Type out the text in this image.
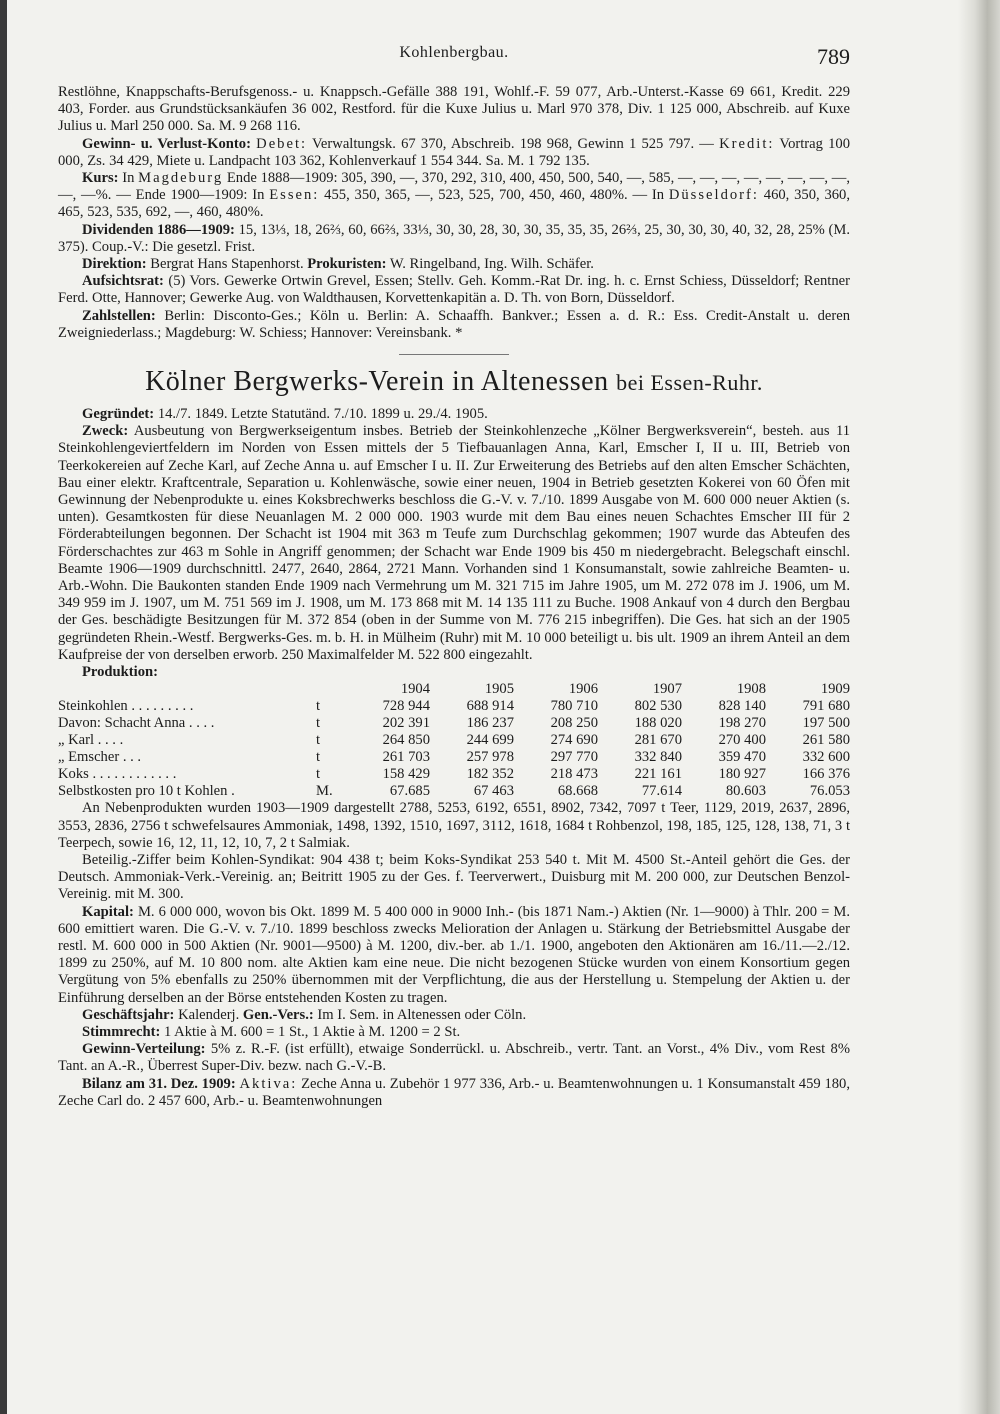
Kohlenbergbau.	789

Restlöhne, Knappschafts-Berufsgenoss.- u. Knappsch.-Gefälle 388 191, Wohlf.-F. 59 077, Arb.-Unterst.-Kasse 69 661, Kredit. 229 403, Forder. aus Grundstücksankäufen 36 002, Restford. für die Kuxe Julius u. Marl 970 378, Div. 1 125 000, Abschreib. auf Kuxe Julius u. Marl 250 000. Sa. M. 9 268 116.

Gewinn- u. Verlust-Konto: Debet: Verwaltungsk. 67 370, Abschreib. 198 968, Gewinn 1 525 797. — Kredit: Vortrag 100 000, Zs. 34 429, Miete u. Landpacht 103 362, Kohlenverkauf 1 554 344. Sa. M. 1 792 135.

Kurs: In Magdeburg Ende 1888—1909: 305, 390, —, 370, 292, 310, 400, 450, 500, 540, —, 585, —, —, —, —, —, —, —, —, —, —%. — Ende 1900—1909: In Essen: 455, 350, 365, —, 523, 525, 700, 450, 460, 480%. — In Düsseldorf: 460, 350, 360, 465, 523, 535, 692, —, 460, 480%.

Dividenden 1886—1909: 15, 13⅓, 18, 26⅔, 60, 66⅔, 33⅓, 30, 30, 28, 30, 30, 35, 35, 35, 26⅔, 25, 30, 30, 30, 40, 32, 28, 25% (M. 375). Coup.-V.: Die gesetzl. Frist.

Direktion: Bergrat Hans Stapenhorst. Prokuristen: W. Ringelband, Ing. Wilh. Schäfer.

Aufsichtsrat: (5) Vors. Gewerke Ortwin Grevel, Essen; Stellv. Geh. Komm.-Rat Dr. ing. h. c. Ernst Schiess, Düsseldorf; Rentner Ferd. Otte, Hannover; Gewerke Aug. von Waldthausen, Korvettenkapitän a. D. Th. von Born, Düsseldorf.

Zahlstellen: Berlin: Disconto-Ges.; Köln u. Berlin: A. Schaaffh. Bankver.; Essen a. d. R.: Ess. Credit-Anstalt u. deren Zweigniederlass.; Magdeburg: W. Schiess; Hannover: Vereinsbank. *

Kölner Bergwerks-Verein in Altenessen bei Essen-Ruhr.

Gegründet: 14./7. 1849. Letzte Statutänd. 7./10. 1899 u. 29./4. 1905.

Zweck: Ausbeutung von Bergwerkseigentum insbes. Betrieb der Steinkohlenzeche „Kölner Bergwerksverein“, besteh. aus 11 Steinkohlengeviertfeldern im Norden von Essen mittels der 5 Tiefbauanlagen Anna, Karl, Emscher I, II u. III, Betrieb von Teerkokereien auf Zeche Karl, auf Zeche Anna u. auf Emscher I u. II. Zur Erweiterung des Betriebs auf den alten Emscher Schächten, Bau einer elektr. Kraftcentrale, Separation u. Kohlenwäsche, sowie einer neuen, 1904 in Betrieb gesetzten Kokerei von 60 Öfen mit Gewinnung der Nebenprodukte u. eines Koksbrechwerks beschloss die G.-V. v. 7./10. 1899 Ausgabe von M. 600 000 neuer Aktien (s. unten). Gesamtkosten für diese Neuanlagen M. 2 000 000. 1903 wurde mit dem Bau eines neuen Schachtes Emscher III für 2 Förderabteilungen begonnen. Der Schacht ist 1904 mit 363 m Teufe zum Durchschlag gekommen; 1907 wurde das Abteufen des Förderschachtes zur 463 m Sohle in Angriff genommen; der Schacht war Ende 1909 bis 450 m niedergebracht. Belegschaft einschl. Beamte 1906—1909 durchschnittl. 2477, 2640, 2864, 2721 Mann. Vorhanden sind 1 Konsumanstalt, sowie zahlreiche Beamten- u. Arb.-Wohn. Die Baukonten standen Ende 1909 nach Vermehrung um M. 321 715 im Jahre 1905, um M. 272 078 im J. 1906, um M. 349 959 im J. 1907, um M. 751 569 im J. 1908, um M. 173 868 mit M. 14 135 111 zu Buche. 1908 Ankauf von 4 durch den Bergbau der Ges. beschädigte Besitzungen für M. 372 854 (oben in der Summe von M. 776 215 inbegriffen). Die Ges. hat sich an der 1905 gegründeten Rhein.-Westf. Bergwerks-Ges. m. b. H. in Mülheim (Ruhr) mit M. 10 000 beteiligt u. bis ult. 1909 an ihrem Anteil an dem Kaufpreise der von derselben erworb. 250 Maximalfelder M. 522 800 eingezahlt.

Produktion:

		1904	1905	1906	1907	1908	1909
Steinkohlen . . . . . . . . .	t	728 944	688 914	780 710	802 530	828 140	791 680
Davon: Schacht Anna . . . .	t	202 391	186 237	208 250	188 020	198 270	197 500
„ Karl . . . .	t	264 850	244 699	274 690	281 670	270 400	261 580
„ Emscher . . .	t	261 703	257 978	297 770	332 840	359 470	332 600
Koks . . . . . . . . . . . .	t	158 429	182 352	218 473	221 161	180 927	166 376
Selbstkosten pro 10 t Kohlen .	M.	67.685	67 463	68.668	77.614	80.603	76.053

An Nebenprodukten wurden 1903—1909 dargestellt 2788, 5253, 6192, 6551, 8902, 7342, 7097 t Teer, 1129, 2019, 2637, 2896, 3553, 2836, 2756 t schwefelsaures Ammoniak, 1498, 1392, 1510, 1697, 3112, 1618, 1684 t Rohbenzol, 198, 185, 125, 128, 138, 71, 3 t Teerpech, sowie 16, 12, 11, 12, 10, 7, 2 t Salmiak.

Beteilig.-Ziffer beim Kohlen-Syndikat: 904 438 t; beim Koks-Syndikat 253 540 t. Mit M. 4500 St.-Anteil gehört die Ges. der Deutsch. Ammoniak-Verk.-Vereinig. an; Beitritt 1905 zu der Ges. f. Teerverwert., Duisburg mit M. 200 000, zur Deutschen Benzol-Vereinig. mit M. 300.

Kapital: M. 6 000 000, wovon bis Okt. 1899 M. 5 400 000 in 9000 Inh.- (bis 1871 Nam.-) Aktien (Nr. 1—9000) à Thlr. 200 = M. 600 emittiert waren. Die G.-V. v. 7./10. 1899 beschloss zwecks Melioration der Anlagen u. Stärkung der Betriebsmittel Ausgabe der restl. M. 600 000 in 500 Aktien (Nr. 9001—9500) à M. 1200, div.-ber. ab 1./1. 1900, angeboten den Aktionären am 16./11.—2./12. 1899 zu 250%, auf M. 10 800 nom. alte Aktien kam eine neue. Die nicht bezogenen Stücke wurden von einem Konsortium gegen Vergütung von 5% ebenfalls zu 250% übernommen mit der Verpflichtung, die aus der Herstellung u. Stempelung der Aktien u. der Einführung derselben an der Börse entstehenden Kosten zu tragen.

Geschäftsjahr: Kalenderj. Gen.-Vers.: Im I. Sem. in Altenessen oder Cöln.

Stimmrecht: 1 Aktie à M. 600 = 1 St., 1 Aktie à M. 1200 = 2 St.

Gewinn-Verteilung: 5% z. R.-F. (ist erfüllt), etwaige Sonderrückl. u. Abschreib., vertr. Tant. an Vorst., 4% Div., vom Rest 8% Tant. an A.-R., Überrest Super-Div. bezw. nach G.-V.-B.

Bilanz am 31. Dez. 1909: Aktiva: Zeche Anna u. Zubehör 1 977 336, Arb.- u. Beamtenwohnungen u. 1 Konsumanstalt 459 180, Zeche Carl do. 2 457 600, Arb.- u. Beamtenwohnungen
